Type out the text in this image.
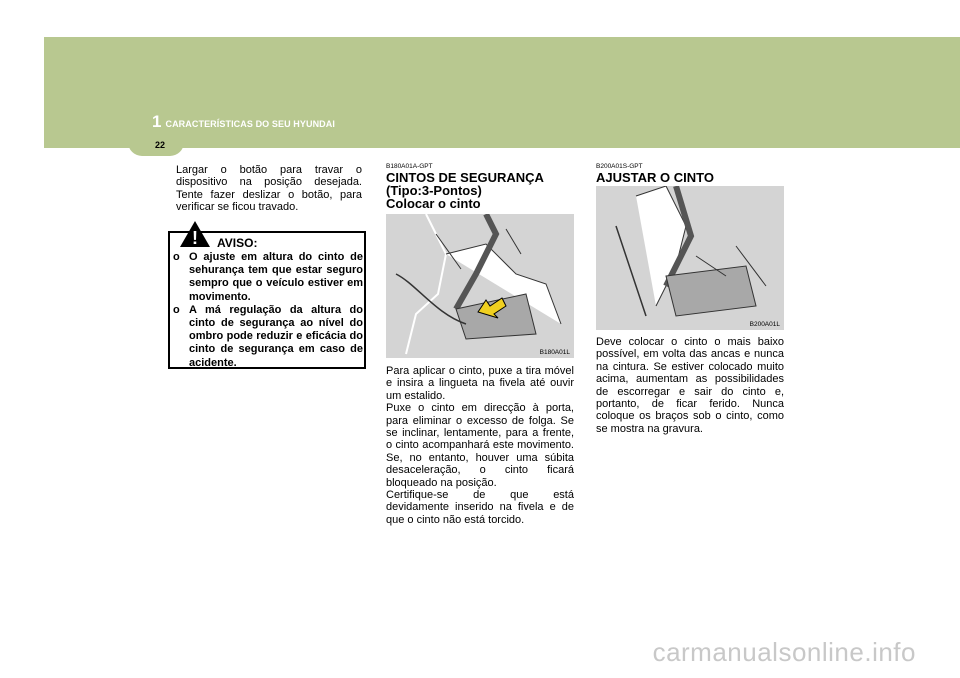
1 CARACTERÍSTICAS DO SEU HYUNDAI
22
Largar o botão para travar o dispositivo na posição desejada. Tente fazer deslizar o botão, para verificar se ficou travado.
! AVISO:
o O ajuste em altura do cinto de sehurança tem que estar seguro sempro que o veículo estiver em movimento.
o A má regulação da altura do cinto de segurança ao nível do ombro pode reduzir e eficácia do cinto de segurança em caso de acidente.
B180A01A-GPT
CINTOS DE SEGURANÇA
(Tipo:3-Pontos)
Colocar o cinto
B180A01L
Para aplicar o cinto, puxe a tira móvel e insira a lingueta na fivela até ouvir um estalido.
Puxe o cinto em direcção à porta, para eliminar o excesso de folga. Se se inclinar, lentamente, para a frente, o cinto acompanhará este movimento. Se, no entanto, houver uma súbita desaceleração, o cinto ficará bloqueado na posição.
Certifique-se de que está devidamente inserido na fivela e de que o cinto não está torcido.
B200A01S-GPT
AJUSTAR O CINTO
B200A01L
Deve colocar o cinto o mais baixo possível, em volta das ancas e nunca na cintura. Se estiver colocado muito acima, aumentam as possibilidades de escorregar e sair do cinto e, portanto, de ficar ferido. Nunca coloque os braços sob o cinto, como se mostra na gravura.
carmanualsonline.info
